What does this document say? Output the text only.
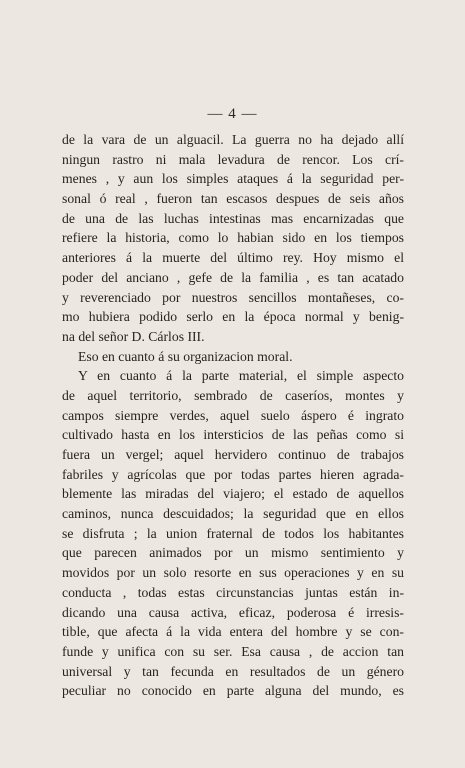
— 4 —
de la vara de un alguacil. La guerra no ha dejado allí
ningun rastro ni mala levadura de rencor. Los crí-
menes , y aun los simples ataques á la seguridad per-
sonal ó real , fueron tan escasos despues de seis años
de una de las luchas intestinas mas encarnizadas que
refiere la historia, como lo habian sido en los tiempos
anteriores á la muerte del último rey. Hoy mismo el
poder del anciano , gefe de la familia , es tan acatado
y reverenciado por nuestros sencillos montañeses, co-
mo hubiera podido serlo en la época normal y benig-
na del señor D. Cárlos III.
Eso en cuanto á su organizacion moral.
Y en cuanto á la parte material, el simple aspecto
de aquel territorio, sembrado de caseríos, montes y
campos siempre verdes, aquel suelo áspero é ingrato
cultivado hasta en los intersticios de las peñas como si
fuera un vergel; aquel hervidero continuo de trabajos
fabriles y agrícolas que por todas partes hieren agrada-
blemente las miradas del viajero; el estado de aquellos
caminos, nunca descuidados; la seguridad que en ellos
se disfruta ; la union fraternal de todos los habitantes
que parecen animados por un mismo sentimiento y
movidos por un solo resorte en sus operaciones y en su
conducta , todas estas circunstancias juntas están in-
dicando una causa activa, eficaz, poderosa é irresis-
tible, que afecta á la vida entera del hombre y se con-
funde y unifica con su ser. Esa causa , de accion tan
universal y tan fecunda en resultados de un género
peculiar no conocido en parte alguna del mundo, es
